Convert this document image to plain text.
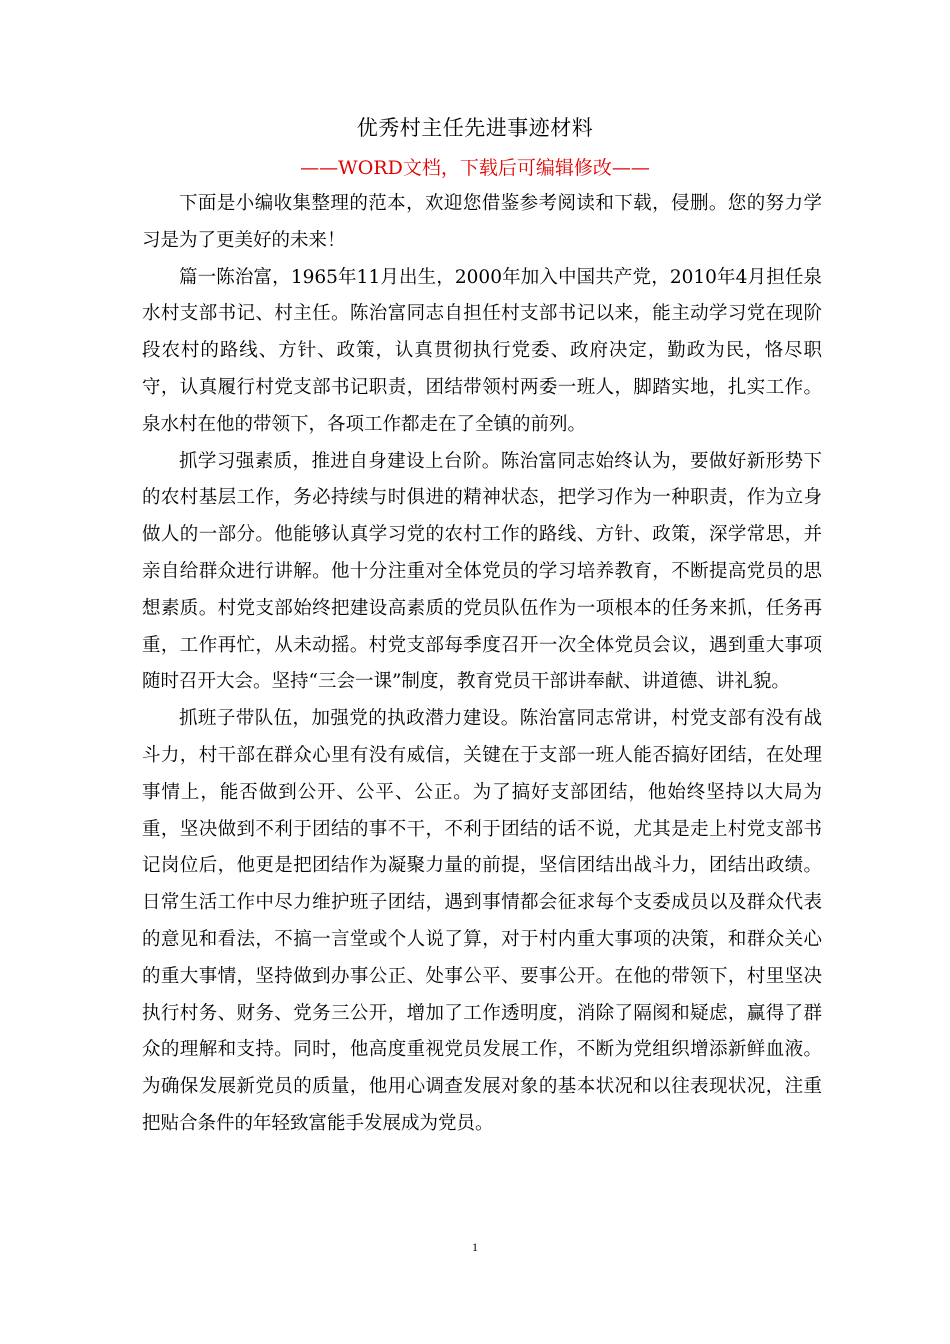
优秀村主任先进事迹材料
——WORD文档，下载后可编辑修改——

下面是小编收集整理的范本，欢迎您借鉴参考阅读和下载，侵删。您的努力学习是为了更美好的未来！

篇一陈治富，1965年11月出生，2000年加入中国共产党，2010年4月担任泉水村支部书记、村主任。陈治富同志自担任村支部书记以来，能主动学习党在现阶段农村的路线、方针、政策，认真贯彻执行党委、政府决定，勤政为民，恪尽职守，认真履行村党支部书记职责，团结带领村两委一班人，脚踏实地，扎实工作。泉水村在他的带领下，各项工作都走在了全镇的前列。

抓学习强素质，推进自身建设上台阶。陈治富同志始终认为，要做好新形势下的农村基层工作，务必持续与时俱进的精神状态，把学习作为一种职责，作为立身做人的一部分。他能够认真学习党的农村工作的路线、方针、政策，深学常思，并亲自给群众进行讲解。他十分注重对全体党员的学习培养教育，不断提高党员的思想素质。村党支部始终把建设高素质的党员队伍作为一项根本的任务来抓，任务再重，工作再忙，从未动摇。村党支部每季度召开一次全体党员会议，遇到重大事项随时召开大会。坚持“三会一课”制度，教育党员干部讲奉献、讲道德、讲礼貌。

抓班子带队伍，加强党的执政潜力建设。陈治富同志常讲，村党支部有没有战斗力，村干部在群众心里有没有威信，关键在于支部一班人能否搞好团结，在处理事情上，能否做到公开、公平、公正。为了搞好支部团结，他始终坚持以大局为重，坚决做到不利于团结的事不干，不利于团结的话不说，尤其是走上村党支部书记岗位后，他更是把团结作为凝聚力量的前提，坚信团结出战斗力，团结出政绩。日常生活工作中尽力维护班子团结，遇到事情都会征求每个支委成员以及群众代表的意见和看法，不搞一言堂或个人说了算，对于村内重大事项的决策，和群众关心的重大事情，坚持做到办事公正、处事公平、要事公开。在他的带领下，村里坚决执行村务、财务、党务三公开，增加了工作透明度，消除了隔阂和疑虑，赢得了群众的理解和支持。同时，他高度重视党员发展工作，不断为党组织增添新鲜血液。为确保发展新党员的质量，他用心调查发展对象的基本状况和以往表现状况，注重把贴合条件的年轻致富能手发展成为党员。

1
